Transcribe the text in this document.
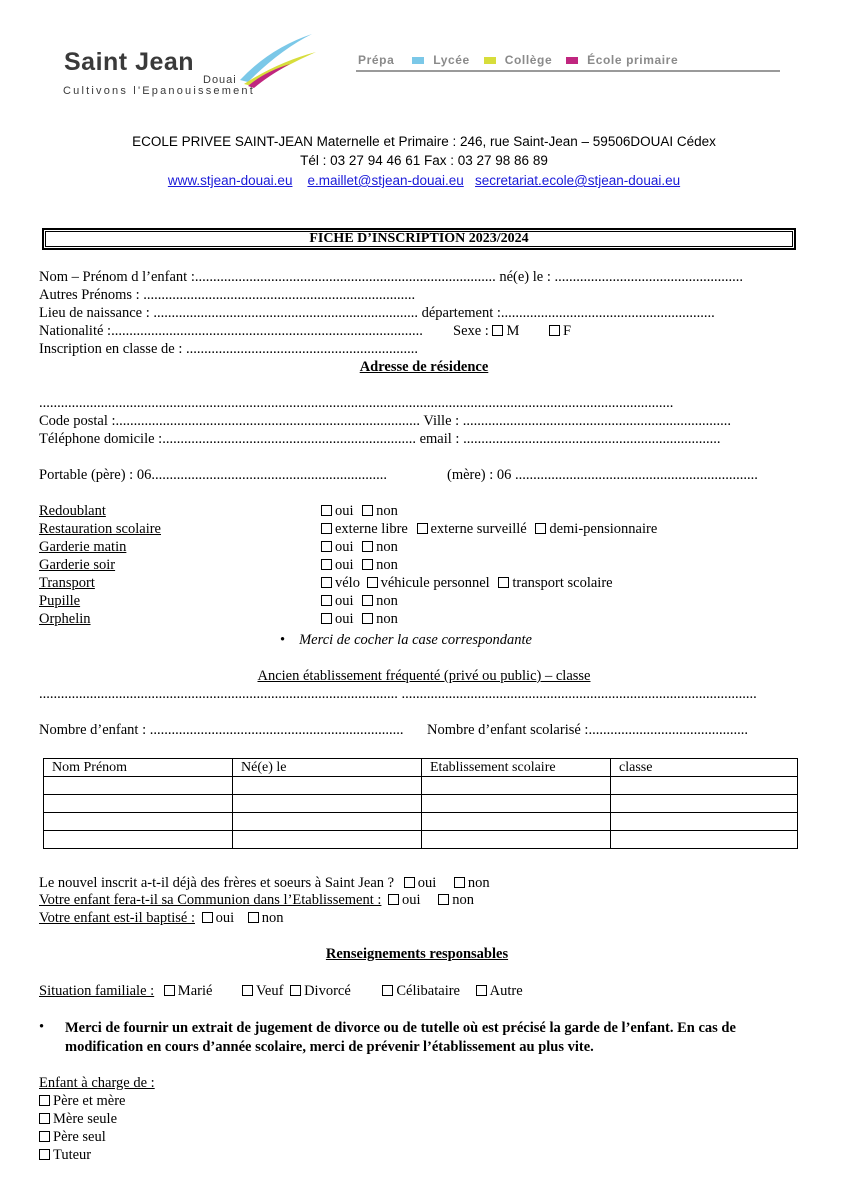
Saint Jean
Douai
Cultivons l'Epanouissement
Prépa	Lycée	Collège	École primaire
ECOLE PRIVEE SAINT-JEAN Maternelle et Primaire : 246, rue Saint-Jean – 59506DOUAI Cédex
Tél : 03 27 94 46 61 Fax : 03 27 98 86 89
www.stjean-douai.eu e.maillet@stjean-douai.eu secretariat.ecole@stjean-douai.eu
FICHE D’INSCRIPTION 2023/2024
Nom – Prénom d l’enfant :................................................................................... né(e) le : ....................................................
Autres Prénoms : ...........................................................................
Lieu de naissance : ......................................................................... département :...........................................................
Nationalité :...................................................................................... Sexe : M	F
Inscription en classe de : ................................................................
Adresse de résidence
...............................................................................................................................................................................
Code postal :.................................................................................... Ville : ..........................................................................
Téléphone domicile :...................................................................... email : .......................................................................
Portable (père) : 06.................................................................	(mère) : 06 ...................................................................
Redoublant	oui non
Restauration scolaire	externe libre externe surveillé demi-pensionnaire
Garderie matin	oui non
Garderie soir	oui non
Transport	vélo véhicule personnel transport scolaire
Pupille	oui non
Orphelin	oui non
• Merci de cocher la case correspondante
Ancien établissement fréquenté (privé ou public) – classe
................................................................................................... ..................................................................................................
Nombre d’enfant : ...................................................................... Nombre d’enfant scolarisé :............................................
Nom Prénom	Né(e) le	Etablissement scolaire	classe

Le nouvel inscrit a-t-il déjà des frères et soeurs à Saint Jean ? oui non
Votre enfant fera-t-il sa Communion dans l’Etablissement : oui non
Votre enfant est-il baptisé : oui non
Renseignements responsables
Situation familiale : Marié	Veuf Divorcé	Célibataire Autre
• Merci de fournir un extrait de jugement de divorce ou de tutelle où est précisé la garde de l’enfant. En cas de modification en cours d’année scolaire, merci de prévenir l’établissement au plus vite.
Enfant à charge de :
Père et mère
Mère seule
Père seul
Tuteur
